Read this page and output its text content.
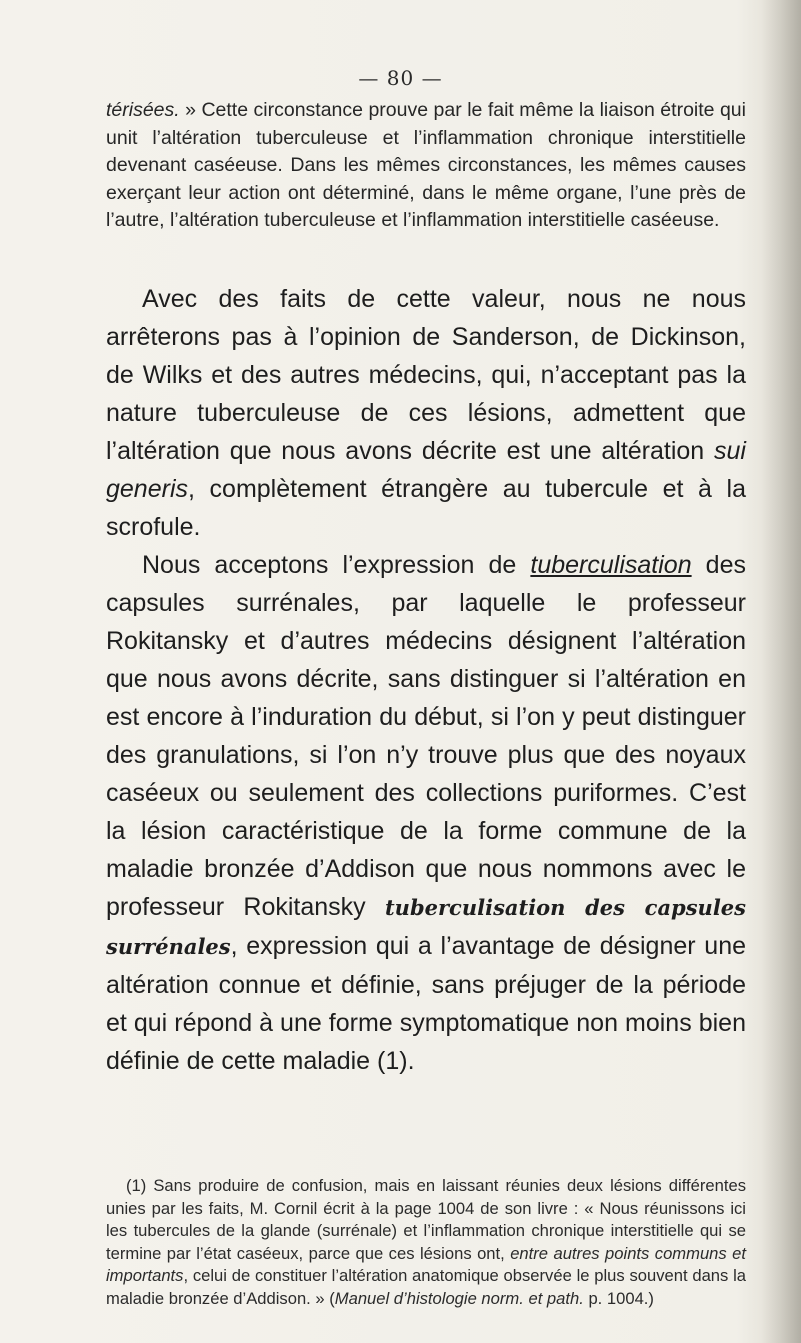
— 80 —
térisées. » Cette circonstance prouve par le fait même la liaison étroite qui unit l’altération tuberculeuse et l’inflammation chronique interstitielle devenant caséeuse. Dans les mêmes circonstances, les mêmes causes exerçant leur action ont déterminé, dans le même organe, l’une près de l’autre, l’altération tuberculeuse et l’inflammation interstitielle caséeuse.
Avec des faits de cette valeur, nous ne nous arrêterons pas à l’opinion de Sanderson, de Dickinson, de Wilks et des autres médecins, qui, n’acceptant pas la nature tuberculeuse de ces lésions, admettent que l’altération que nous avons décrite est une altération sui generis, complètement étrangère au tubercule et à la scrofule.
Nous acceptons l’expression de tuberculisation des capsules surrénales, par laquelle le professeur Rokitansky et d’autres médecins désignent l’altération que nous avons décrite, sans distinguer si l’altération en est encore à l’induration du début, si l’on y peut distinguer des granulations, si l’on n’y trouve plus que des noyaux caséeux ou seulement des collections puriformes. C’est la lésion caractéristique de la forme commune de la maladie bronzée d’Addison que nous nommons avec le professeur Rokitansky tuberculisation des capsules surrénales, expression qui a l’avantage de désigner une altération connue et définie, sans préjuger de la période et qui répond à une forme symptomatique non moins bien définie de cette maladie (1).
(1) Sans produire de confusion, mais en laissant réunies deux lésions différentes unies par les faits, M. Cornil écrit à la page 1004 de son livre : « Nous réunissons ici les tubercules de la glande (surrénale) et l’inflammation chronique interstitielle qui se termine par l’état caséeux, parce que ces lésions ont, entre autres points communs et importants, celui de constituer l’altération anatomique observée le plus souvent dans la maladie bronzée d’Addison. » (Manuel d’histologie norm. et path. p. 1004.)
